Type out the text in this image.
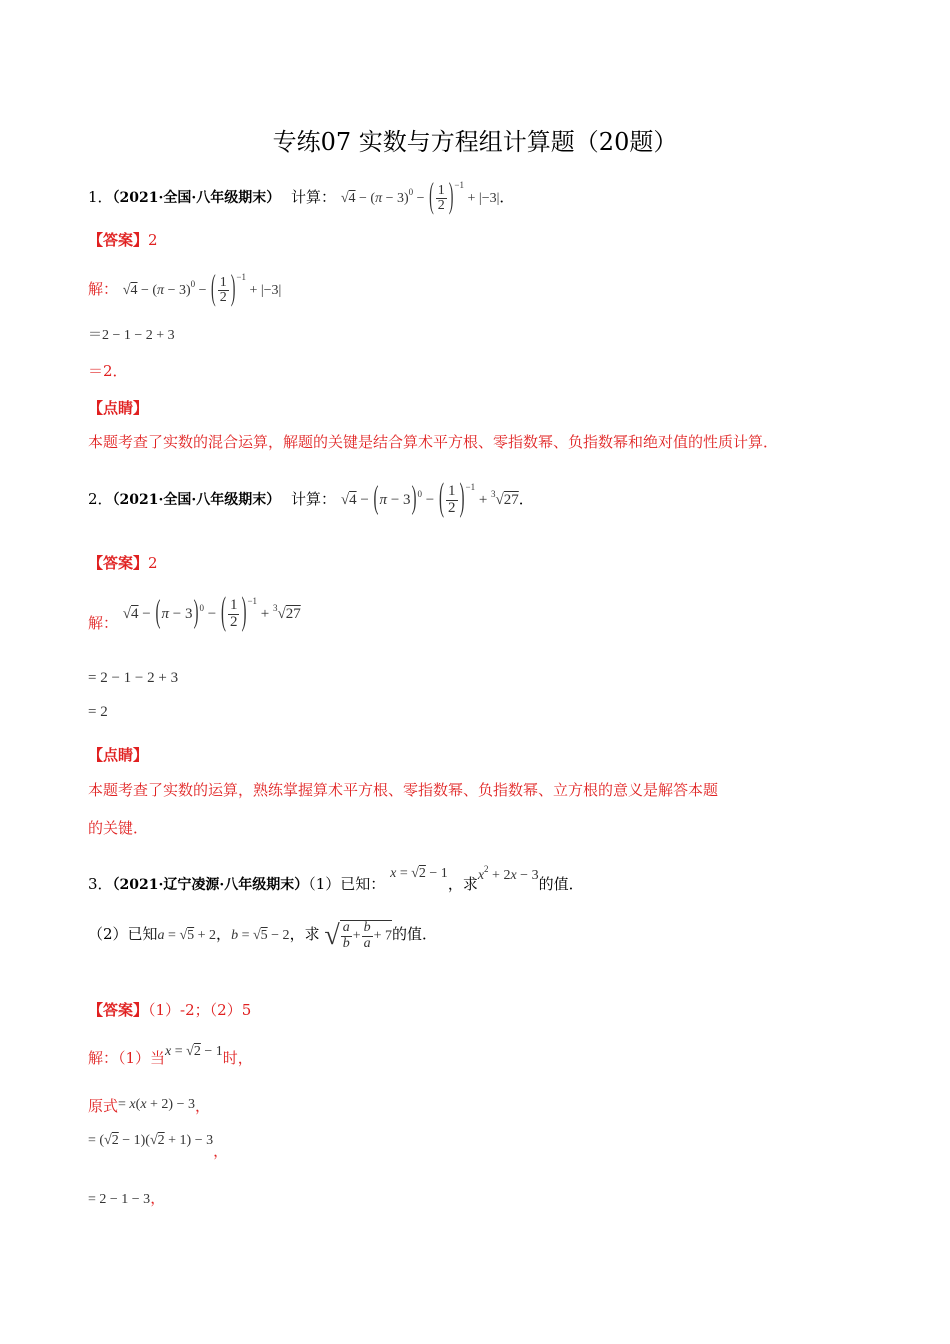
专练07 实数与方程组计算题（20题）
1．（2021·全国·八年级期末） 计算： $√4 - (\pi - 3)^0$ − ( $\frac{1}{2} )^{-1} + |-3|$．
【答案】2
解： $√4 - (\pi - 3)^0$ − ( $\frac{1}{2} )^{-1} + |-3|$
＝2 − 1 − 2 + 3
＝2．
【点睛】
本题考查了实数的混合运算，解题的关键是结合算术平方根、零指数幂、负指数幂和绝对值的性质计算．
2．（2021·全国·八年级期末） 计算： $√4 - (\pi - 3)^0$ − ( $\frac{1}{2} )^{-1} + ^3√27$．
【答案】2
解： $√4 - (\pi - 3)^0$ − ( $\frac{1}{2} )^{-1} + ^3√27$
= 2 − 1 − 2 + 3
= 2
【点睛】
本题考查了实数的运算，熟练掌握算术平方根、零指数幂、负指数幂、立方根的意义是解答本题
的关键．
3．（2021·辽宁凌源·八年级期末）（1）已知： x = √2 − 1，求$x^2 + 2x - 3$的值．
（2）已知a = √5 + 2，b = √5 − 2，求 √ $\frac{a}{b} + \frac{b}{a} + 7$的值．
【答案】（1）-2；（2）5
解：（1）当x = √2 − 1时，
原式= x(x + 2) − 3，
= (√2 − 1)(√2 + 1) − 3，
= 2 − 1 − 3，
